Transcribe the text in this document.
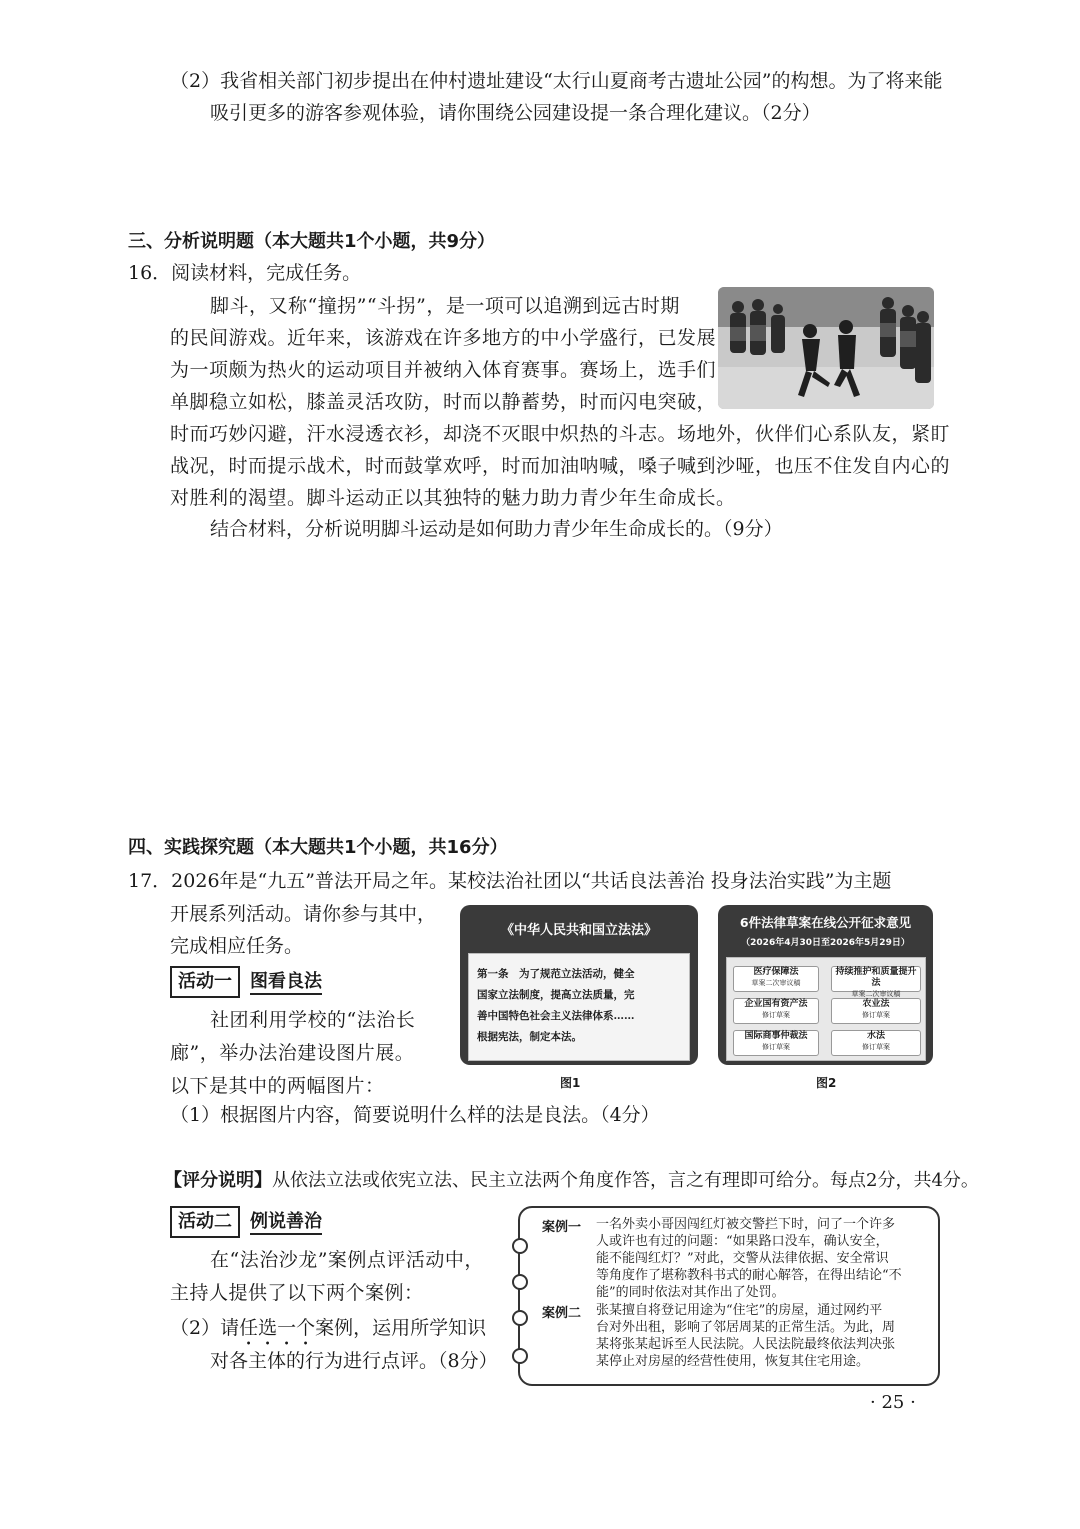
（2）我省相关部门初步提出在仲村遗址建设“太行山夏商考古遗址公园”的构想。为了将来能
吸引更多的游客参观体验，请你围绕公园建设提一条合理化建议。（2分）
三、分析说明题（本大题共1个小题，共9分）
16．阅读材料，完成任务。
脚斗，又称“撞拐”“斗拐”，是一项可以追溯到远古时期
的民间游戏。近年来，该游戏在许多地方的中小学盛行，已发展
为一项颇为热火的运动项目并被纳入体育赛事。赛场上，选手们
单脚稳立如松，膝盖灵活攻防，时而以静蓄势，时而闪电突破，
时而巧妙闪避，汗水浸透衣衫，却浇不灭眼中炽热的斗志。场地外，伙伴们心系队友，紧盯
战况，时而提示战术，时而鼓掌欢呼，时而加油呐喊，嗓子喊到沙哑，也压不住发自内心的
对胜利的渴望。脚斗运动正以其独特的魅力助力青少年生命成长。
结合材料，分析说明脚斗运动是如何助力青少年生命成长的。（9分）
四、实践探究题（本大题共1个小题，共16分）
17．2026年是“九五”普法开局之年。某校法治社团以“共话良法善治 投身法治实践”为主题
开展系列活动。请你参与其中，
完成相应任务。
活动一 图看良法
社团利用学校的“法治长
廊”，举办法治建设图片展。
以下是其中的两幅图片：
（1）根据图片内容，简要说明什么样的法是良法。（4分）
《中华人民共和国立法法》
第一条　为了规范立法活动，健全
国家立法制度，提高立法质量，完
善中国特色社会主义法律体系……
根据宪法，制定本法。
图1
6件法律草案在线公开征求意见
（2026年4月30日至2026年5月29日）
医疗保障法
草案二次审议稿
持续推护和质量提升法
草案二次审议稿
企业国有资产法
修订草案
农业法
修订草案
国际商事仲裁法
修订草案
水法
修订草案
图2
【评分说明】从依法立法或依宪立法、民主立法两个角度作答，言之有理即可给分。每点2分，共4分。
活动二 例说善治
在“法治沙龙”案例点评活动中，
主持人提供了以下两个案例：
（2）请任选一个案例，运用所学知识
对各主体的行为进行点评。（8分）
案例一 一名外卖小哥因闯红灯被交警拦下时，问了一个许多
人或许也有过的问题：“如果路口没车，确认安全，
能不能闯红灯？”对此，交警从法律依据、安全常识
等角度作了堪称教科书式的耐心解答，在得出结论“不
能”的同时依法对其作出了处罚。
案例二 张某擅自将登记用途为“住宅”的房屋，通过网约平
台对外出租，影响了邻居周某的正常生活。为此，周
某将张某起诉至人民法院。人民法院最终依法判决张
某停止对房屋的经营性使用，恢复其住宅用途。
· 25 ·
